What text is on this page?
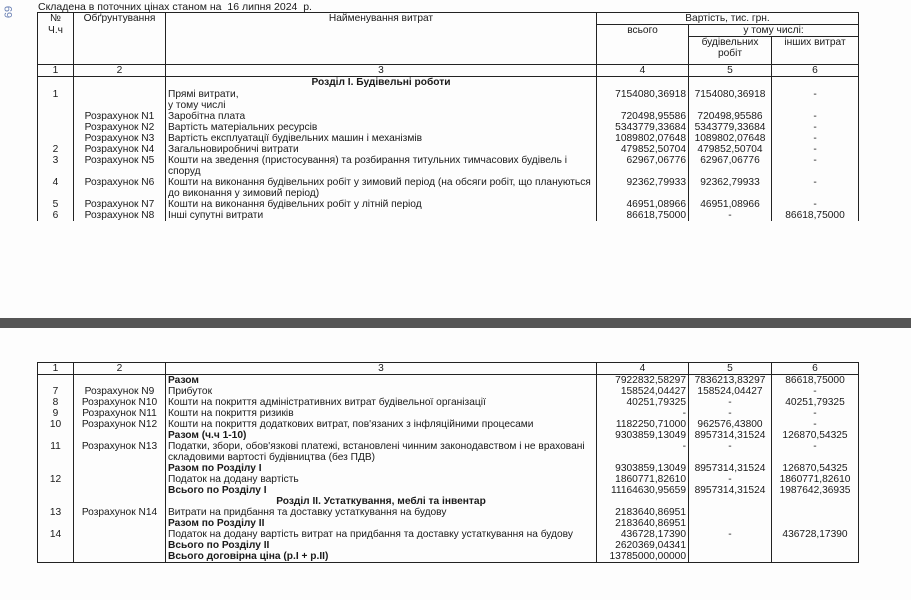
69 Складена в поточних цінах станом на  16 липня 2024  р.
№
Ч.ч	Обґрунтування	Найменування витрат	Вартість, тис. грн.		
			всього	у тому числі:	
				будівельних робіт	інших витрат
1	2	3	4	5	6
		Розділ І. Будівельні роботи			
1		Прямі витрати,	7154080,36918	7154080,36918	-
		у тому числі			
	Розрахунок N1	Заробітна плата	720498,95586	720498,95586	-
	Розрахунок N2	Вартість матеріальних ресурсів	5343779,33684	5343779,33684	-
	Розрахунок N3	Вартість експлуатації будівельних машин і механізмів	1089802,07648	1089802,07648	-
2	Розрахунок N4	Загальновиробничі витрати	479852,50704	479852,50704	-
3	Розрахунок N5	Кошти на зведення (пристосування) та розбирання титульних тимчасових будівель і споруд	62967,06776	62967,06776	-
4	Розрахунок N6	Кошти на виконання будівельних робіт у зимовий період (на обсяги робіт, що плануються до виконання у зимовий період)	92362,79933	92362,79933	-
5	Розрахунок N7	Кошти на виконання будівельних робіт у літній період	46951,08966	46951,08966	-
6	Розрахунок N8	Інші супутні витрати	86618,75000	-	86618,75000
1	2	3	4	5	6
		Разом	7922832,58297	7836213,83297	86618,75000
7	Розрахунок N9	Прибуток	158524,04427	158524,04427	-
8	Розрахунок N10	Кошти на покриття адміністративних витрат будівельної організації	40251,79325	-	40251,79325
9	Розрахунок N11	Кошти на покриття ризиків	-	-	-
10	Розрахунок N12	Кошти на покриття додаткових витрат, пов'язаних з інфляційними процесами	1182250,71000	962576,43800	-
		Разом (ч.ч 1-10)	9303859,13049	8957314,31524	126870,54325
11	Розрахунок N13	Податки, збори, обов'язкові платежі, встановлені чинним законодавством і не враховані складовими вартості будівництва (без ПДВ)	-	-	-
		Разом по Розділу І	9303859,13049	8957314,31524	126870,54325
12		Податок на додану вартість	1860771,82610	-	1860771,82610
		Всього по Розділу І	11164630,95659	8957314,31524	1987642,36935
		Розділ ІІ. Устаткування, меблі та інвентар			
13	Розрахунок N14	Витрати на придбання та доставку устаткування на будову	2183640,86951		
		Разом по Розділу ІІ	2183640,86951		
14		Податок на додану вартість витрат на придбання та доставку устаткування на будову	436728,17390	-	436728,17390
		Всього по Розділу ІІ	2620369,04341		
		Всього договірна ціна (р.І + р.ІІ)	13785000,00000		
